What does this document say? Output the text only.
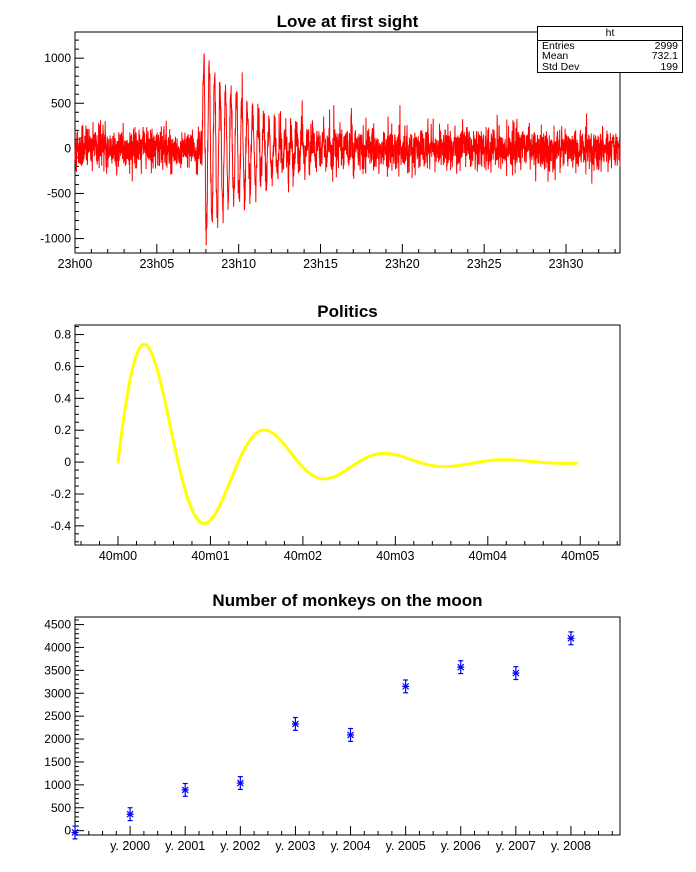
23h00	23h05	23h10	23h15	23h20	23h25	23h30
-1000
-500
0
500
1000
40m00	40m01	40m02	40m03	40m04	40m05
-0.4
-0.2
0
0.2
0.4
0.6
0.8
y. 2000 y. 2001 y. 2002 y. 2003 y. 2004 y. 2005 y. 2006 y. 2007 y. 2008
0
500
1000
1500
2000
2500
3000
3500
4000
4500
Love at first sight
Politics
Number of monkeys on the moon
ht
Entries	2999
Mean	732.1
Std Dev	199
